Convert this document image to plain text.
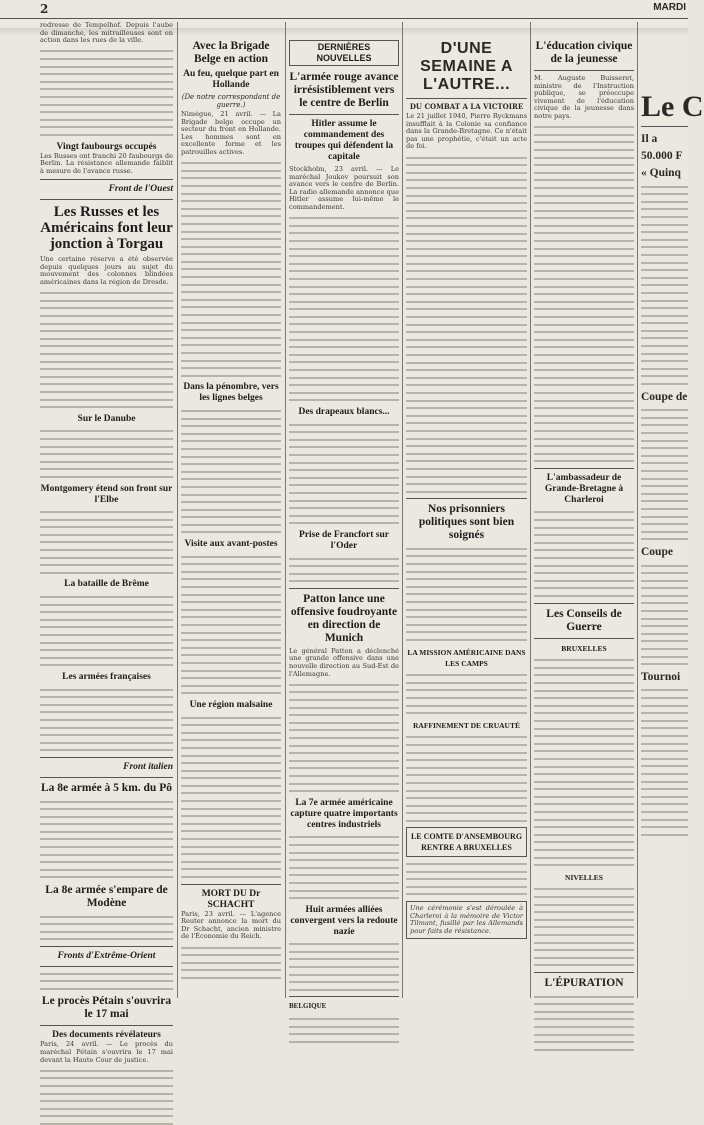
2	MARDI

redresse de Tempelhof. Depuis l'aube de dimanche, les mitrailleuses sont en action dans les rues de la ville.

Vingt faubourgs occupés

Les Russes ont franchi 20 faubourgs de Berlin. La résistance allemande faiblit à mesure de l'avance russe.

Front de l'Ouest
Les Russes et les Américains font leur jonction à Torgau

Une certaine réserve a été observée depuis quelques jours au sujet du mouvement des colonnes blindées américaines dans la région de Dresde.

Sur le Danube
Montgomery étend son front sur l'Elbe
La bataille de Brême
Les armées françaises
Front italien
La 8e armée à 5 km. du Pô
La 8e armée s'empare de Modène
Fronts d'Extrême-Orient
Le procès Pétain s'ouvrira le 17 mai
Des documents révélateurs

Paris, 24 avril. — Le procès du maréchal Pétain s'ouvrira le 17 mai devant la Haute Cour de justice.

Avec la Brigade Belge en action
Au feu, quelque part en Hollande
(De notre correspondant de guerre.)

Nimègue, 21 avril. — La Brigade belge occupe un secteur du front en Hollande. Les hommes sont en excellente forme et les patrouilles actives.

Dans la pénombre, vers les lignes belges
Visite aux avant-postes
Une région malsaine
MORT DU Dr SCHACHT

Paris, 23 avril. — L'agence Reuter annonce la mort du Dr Schacht, ancien ministre de l'Économie du Reich.

DERNIÈRES NOUVELLES
L'armée rouge avance irrésistiblement vers le centre de Berlin
Hitler assume le commandement des troupes qui défendent la capitale

Stockholm, 23 avril. — Le maréchal Joukov poursuit son avance vers le centre de Berlin. La radio allemande annonce que Hitler assume lui-même le commandement.

Des drapeaux blancs...
Prise de Francfort sur l'Oder
Patton lance une offensive foudroyante en direction de Munich

Le général Patton a déclenché une grande offensive dans une nouvelle direction au Sud-Est de l'Allemagne.

La 7e armée américaine capture quatre importants centres industriels
Huit armées alliées convergent vers la redoute nazie
BELGIQUE
D'UNE SEMAINE A L'AUTRE...
DU COMBAT A LA VICTOIRE

Le 21 juillet 1940, Pierre Ryckmans insufflait à la Colonie sa confiance dans la Grande-Bretagne. Ce n'était pas une prophétie, c'était un acte de foi.

Nos prisonniers politiques sont bien soignés
LA MISSION AMÉRICAINE DANS LES CAMPS
RAFFINEMENT DE CRUAUTÉ
LE COMTE D'ANSEMBOURG RENTRE A BRUXELLES

Une cérémonie s'est déroulée à Charleroi à la mémoire de Victor Tilmant, fusillé par les Allemands pour faits de résistance.

L'éducation civique de la jeunesse

M. Auguste Buisseret, ministre de l'Instruction publique, se préoccupe vivement de l'éducation civique de la jeunesse dans notre pays.

L'ambassadeur de Grande-Bretagne à Charleroi
Les Conseils de Guerre
BRUXELLES
NIVELLES
L'ÉPURATION
Le C
Il a
50.000 F
« Quinq
Coupe de
Coupe
Tournoi
